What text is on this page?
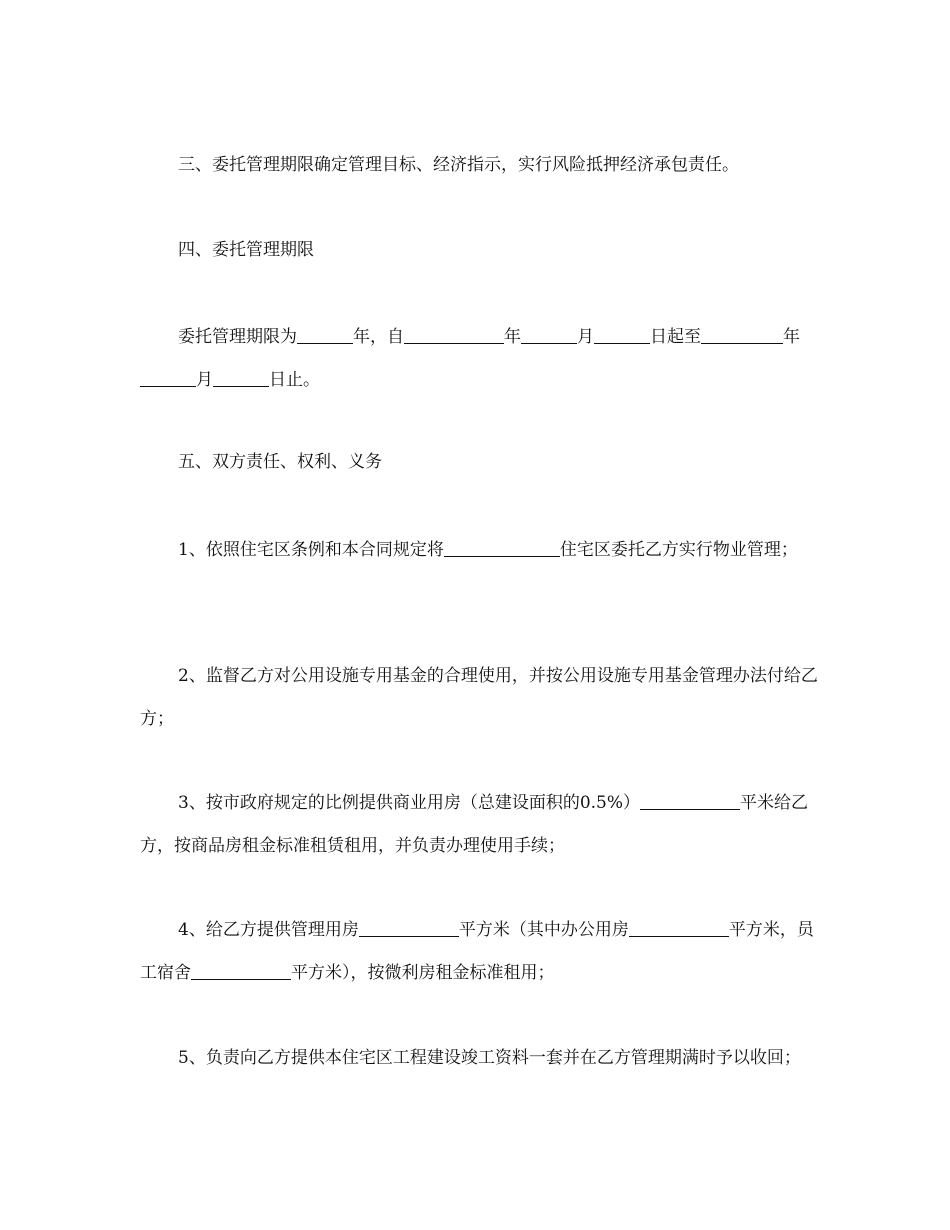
三、委托管理期限确定管理目标、经济指示，实行风险抵押经济承包责任。

四、委托管理期限

委托管理期限为	年，自	年	月	日起至	年月	日止。

五、双方责任、权利、义务

1、依照住宅区条例和本合同规定将	住宅区委托乙方实行物业管理；

2、监督乙方对公用设施专用基金的合理使用，并按公用设施专用基金管理办法付给乙方；

3、按市政府规定的比例提供商业用房（总建设面积的0.5%）	平米给乙方，按商品房租金标准租赁租用，并负责办理使用手续；

4、给乙方提供管理用房	平方米（其中办公用房	平方米，员工宿舍	平方米），按微利房租金标准租用；

5、负责向乙方提供本住宅区工程建设竣工资料一套并在乙方管理期满时予以收回；
